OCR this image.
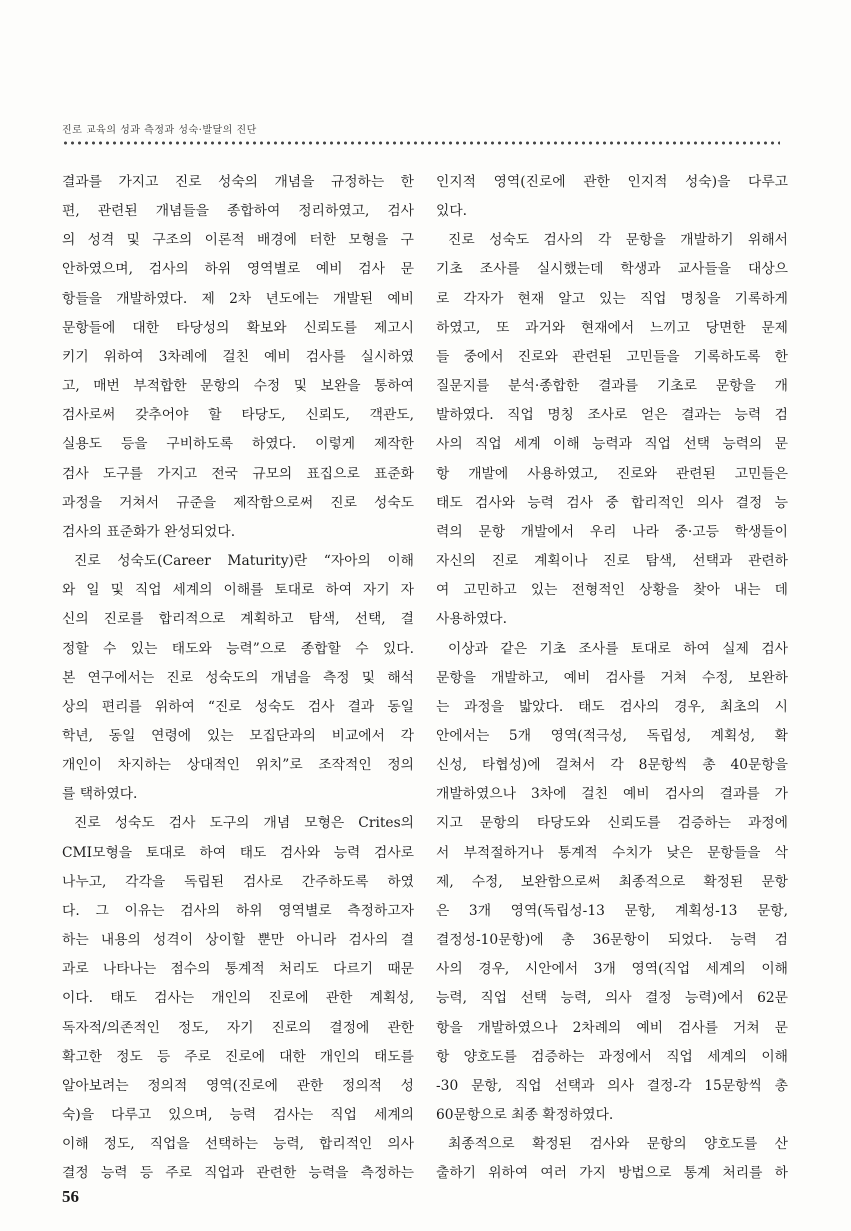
진로 교육의 성과 측정과 성숙·발달의 진단
결과를 가지고 진로 성숙의 개념을 규정하는 한
편, 관련된 개념들을 종합하여 정리하였고, 검사
의 성격 및 구조의 이론적 배경에 터한 모형을 구
안하였으며, 검사의 하위 영역별로 예비 검사 문
항들을 개발하였다. 제 2차 년도에는 개발된 예비
문항들에 대한 타당성의 확보와 신뢰도를 제고시
키기 위하여 3차례에 걸친 예비 검사를 실시하였
고, 매번 부적합한 문항의 수정 및 보완을 통하여
검사로써 갖추어야 할 타당도, 신뢰도, 객관도,
실용도 등을 구비하도록 하였다. 이렇게 제작한
검사 도구를 가지고 전국 규모의 표집으로 표준화
과정을 거쳐서 규준을 제작함으로써 진로 성숙도
검사의 표준화가 완성되었다.
진로 성숙도(Career Maturity)란 “자아의 이해
와 일 및 직업 세계의 이해를 토대로 하여 자기 자
신의 진로를 합리적으로 계획하고 탐색, 선택, 결
정할 수 있는 태도와 능력”으로 종합할 수 있다.
본 연구에서는 진로 성숙도의 개념을 측정 및 해석
상의 편리를 위하여 “진로 성숙도 검사 결과 동일
학년, 동일 연령에 있는 모집단과의 비교에서 각
개인이 차지하는 상대적인 위치”로 조작적인 정의
를 택하였다.
진로 성숙도 검사 도구의 개념 모형은 Crites의
CMI모형을 토대로 하여 태도 검사와 능력 검사로
나누고, 각각을 독립된 검사로 간주하도록 하였
다. 그 이유는 검사의 하위 영역별로 측정하고자
하는 내용의 성격이 상이할 뿐만 아니라 검사의 결
과로 나타나는 점수의 통계적 처리도 다르기 때문
이다. 태도 검사는 개인의 진로에 관한 계획성,
독자적/의존적인 정도, 자기 진로의 결정에 관한
확고한 정도 등 주로 진로에 대한 개인의 태도를
알아보려는 정의적 영역(진로에 관한 정의적 성
숙)을 다루고 있으며, 능력 검사는 직업 세계의
이해 정도, 직업을 선택하는 능력, 합리적인 의사
결정 능력 등 주로 직업과 관련한 능력을 측정하는
인지적 영역(진로에 관한 인지적 성숙)을 다루고
있다.
진로 성숙도 검사의 각 문항을 개발하기 위해서
기초 조사를 실시했는데 학생과 교사들을 대상으
로 각자가 현재 알고 있는 직업 명칭을 기록하게
하였고, 또 과거와 현재에서 느끼고 당면한 문제
들 중에서 진로와 관련된 고민들을 기록하도록 한
질문지를 분석·종합한 결과를 기초로 문항을 개
발하였다. 직업 명칭 조사로 얻은 결과는 능력 검
사의 직업 세계 이해 능력과 직업 선택 능력의 문
항 개발에 사용하였고, 진로와 관련된 고민들은
태도 검사와 능력 검사 중 합리적인 의사 결정 능
력의 문항 개발에서 우리 나라 중·고등 학생들이
자신의 진로 계획이나 진로 탐색, 선택과 관련하
여 고민하고 있는 전형적인 상황을 찾아 내는 데
사용하였다.
이상과 같은 기초 조사를 토대로 하여 실제 검사
문항을 개발하고, 예비 검사를 거쳐 수정, 보완하
는 과정을 밟았다. 태도 검사의 경우, 최초의 시
안에서는 5개 영역(적극성, 독립성, 계획성, 확
신성, 타협성)에 걸쳐서 각 8문항씩 총 40문항을
개발하였으나 3차에 걸친 예비 검사의 결과를 가
지고 문항의 타당도와 신뢰도를 검증하는 과정에
서 부적절하거나 통계적 수치가 낮은 문항들을 삭
제, 수정, 보완함으로써 최종적으로 확정된 문항
은 3개 영역(독립성-13 문항, 계획성-13 문항,
결정성-10문항)에 총 36문항이 되었다. 능력 검
사의 경우, 시안에서 3개 영역(직업 세계의 이해
능력, 직업 선택 능력, 의사 결정 능력)에서 62문
항을 개발하였으나 2차례의 예비 검사를 거쳐 문
항 양호도를 검증하는 과정에서 직업 세계의 이해
-30 문항, 직업 선택과 의사 결정-각 15문항씩 총
60문항으로 최종 확정하였다.
최종적으로 확정된 검사와 문항의 양호도를 산
출하기 위하여 여러 가지 방법으로 통계 처리를 하
56
